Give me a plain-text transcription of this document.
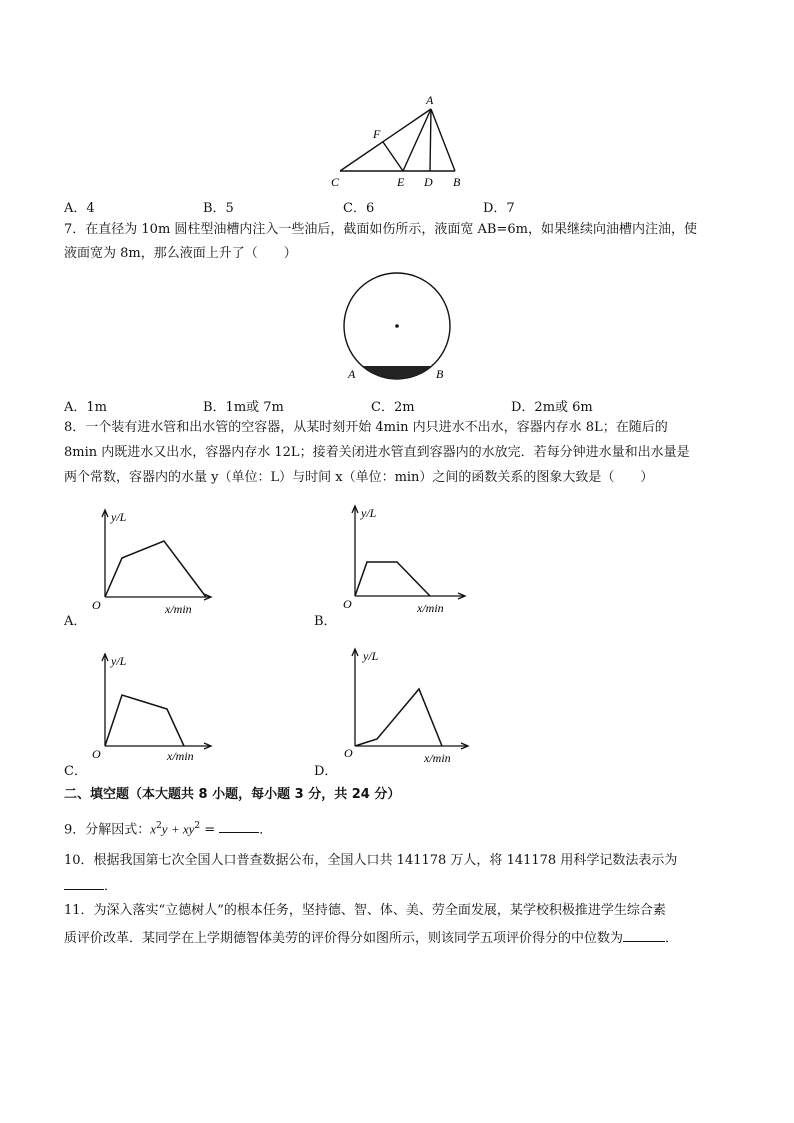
A
F
C	E D B
A．4	B．5	C．6	D．7
7．在直径为 10m 圆柱型油槽内注入一些油后，截面如伤所示，液面宽 AB=6m，如果继续向油槽内注油，使
液面宽为 8m，那么液面上升了（　　）
A	B
A．1m	B．1m或 7m	C．2m	D．2m或 6m
8．一个装有进水管和出水管的空容器，从某时刻开始 4min 内只进水不出水，容器内存水 8L；在随后的
8min 内既进水又出水，容器内存水 12L；接着关闭进水管直到容器内的水放完．若每分钟进水量和出水量是
两个常数，容器内的水量 y（单位：L）与时间 x（单位：min）之间的函数关系的图象大致是（　　）
y/L
O	x/min
A．
y/L
O	x/min
B．
y/L
O	x/min
C．
y/L
O	x/min
D．
二、填空题（本大题共 8 小题，每小题 3 分，共 24 分）
9．分解因式：$x^2y + xy^2$ =	．
10．根据我国第七次全国人口普查数据公布，全国人口共 141178 万人，将 141178 用科学记数法表示为
．
11．为深入落实“立德树人”的根本任务，坚持德、智、体、美、劳全面发展，某学校积极推进学生综合素
质评价改革．某同学在上学期德智体美劳的评价得分如图所示，则该同学五项评价得分的中位数为	．
